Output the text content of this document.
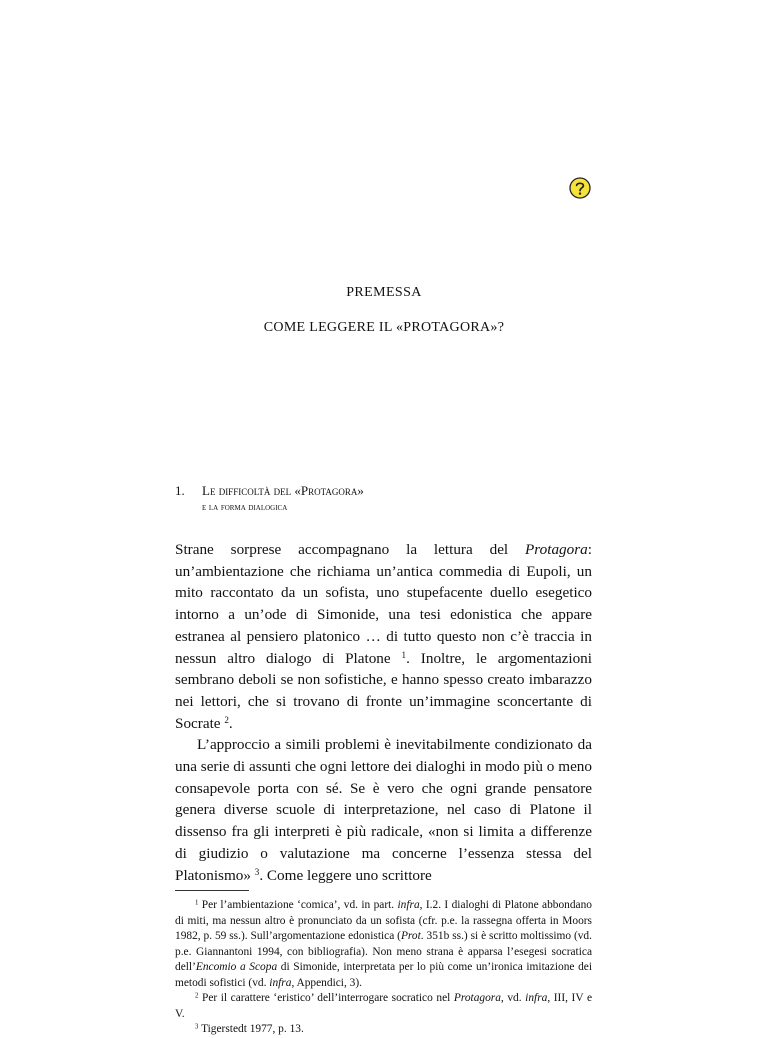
PREMESSA
COME LEGGERE IL «PROTAGORA»?
1. Le difficoltà del «Protagora»
e la forma dialogica

Strane sorprese accompagnano la lettura del Protagora: un’ambientazione che richiama un’antica commedia di Eupoli, un mito raccontato da un sofista, uno stupefacente duello esegetico intorno a un’ode di Simonide, una tesi edonistica che appare estranea al pensiero platonico … di tutto questo non c’è traccia in nessun altro dialogo di Platone $^1$. Inoltre, le argomentazioni sembrano deboli se non sofistiche, e hanno spesso creato imbarazzo nei lettori, che si trovano di fronte un’immagine sconcertante di Socrate $^2$.

L’approccio a simili problemi è inevitabilmente condizionato da una serie di assunti che ogni lettore dei dialoghi in modo più o meno consapevole porta con sé. Se è vero che ogni grande pensatore genera diverse scuole di interpretazione, nel caso di Platone il dissenso fra gli interpreti è più radicale, «non si limita a differenze di giudizio o valutazione ma concerne l’essenza stessa del Platonismo» $^3$. Come leggere uno scrittore

$^1$ Per l’ambientazione ‘comica’, vd. in part. infra, I.2. I dialoghi di Platone abbondano di miti, ma nessun altro è pronunciato da un sofista (cfr. p.e. la rassegna offerta in Moors 1982, p. 59 ss.). Sull’argomentazione edonistica (Prot. 351b ss.) si è scritto moltissimo (vd. p.e. Giannantoni 1994, con bibliografia). Non meno strana è apparsa l’esegesi socratica dell’Encomio a Scopa di Simonide, interpretata per lo più come un’ironica imitazione dei metodi sofistici (vd. infra, Appendici, 3).

$^2$ Per il carattere ‘eristico’ dell’interrogare socratico nel Protagora, vd. infra, III, IV e V.

$^3$ Tigerstedt 1977, p. 13.
